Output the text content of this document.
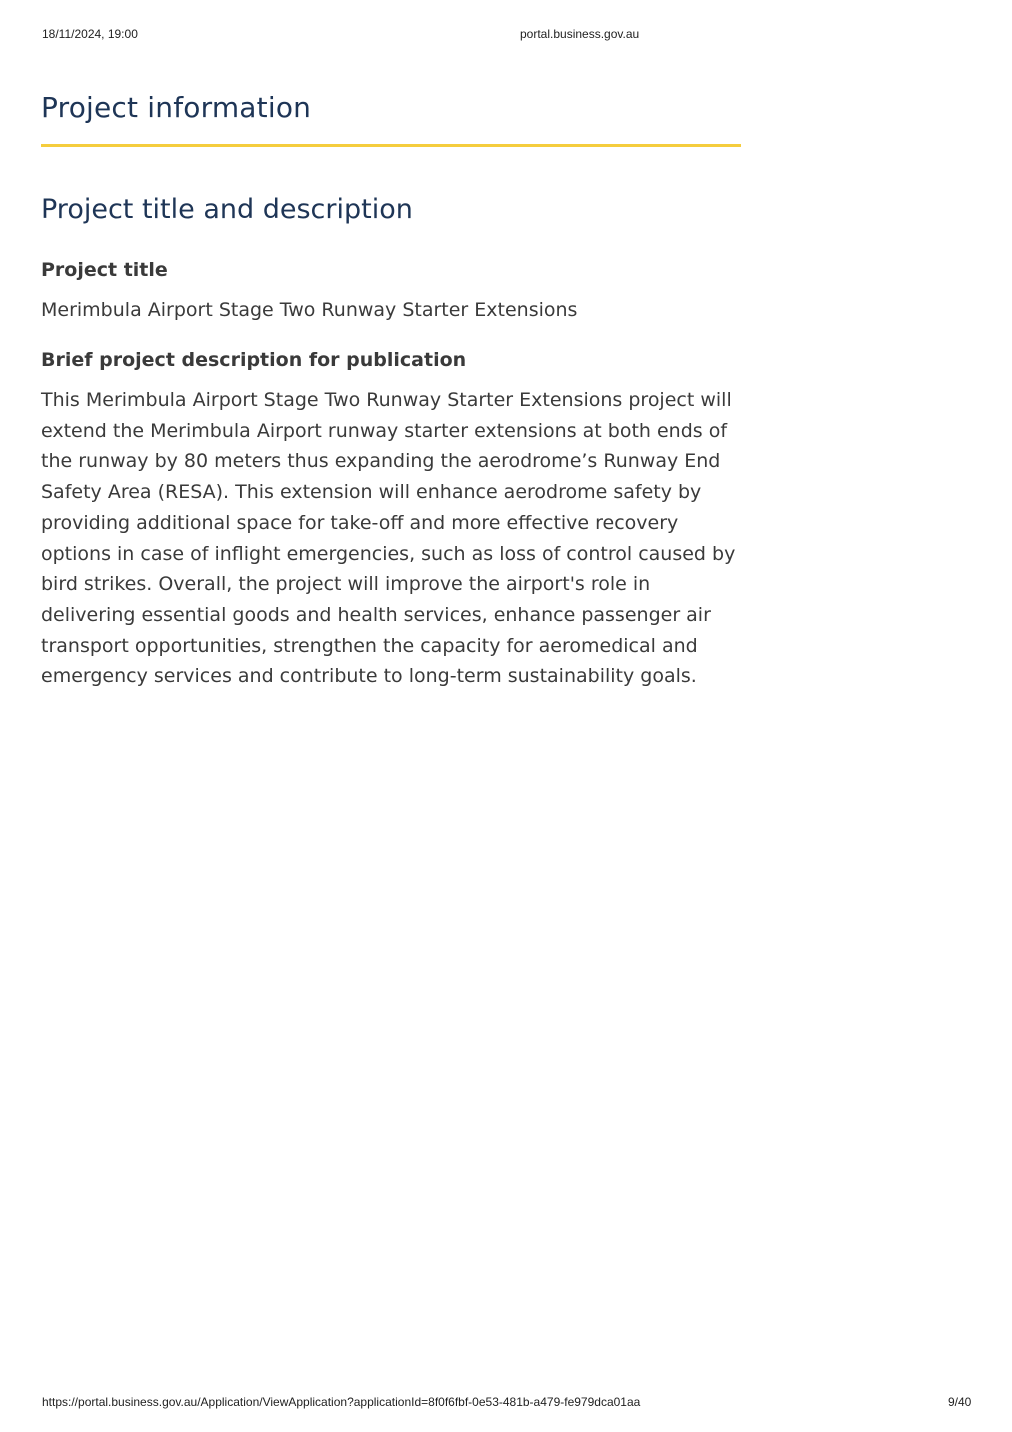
18/11/2024, 19:00	portal.business.gov.au
Project information
Project title and description
Project title
Merimbula Airport Stage Two Runway Starter Extensions
Brief project description for publication
This Merimbula Airport Stage Two Runway Starter Extensions project will extend the Merimbula Airport runway starter extensions at both ends of the runway by 80 meters thus expanding the aerodrome’s Runway End Safety Area (RESA). This extension will enhance aerodrome safety by providing additional space for take-off and more effective recovery options in case of inflight emergencies, such as loss of control caused by bird strikes. Overall, the project will improve the airport's role in delivering essential goods and health services, enhance passenger air transport opportunities, strengthen the capacity for aeromedical and emergency services and contribute to long-term sustainability goals.
https://portal.business.gov.au/Application/ViewApplication?applicationId=8f0f6fbf-0e53-481b-a479-fe979dca01aa	9/40
